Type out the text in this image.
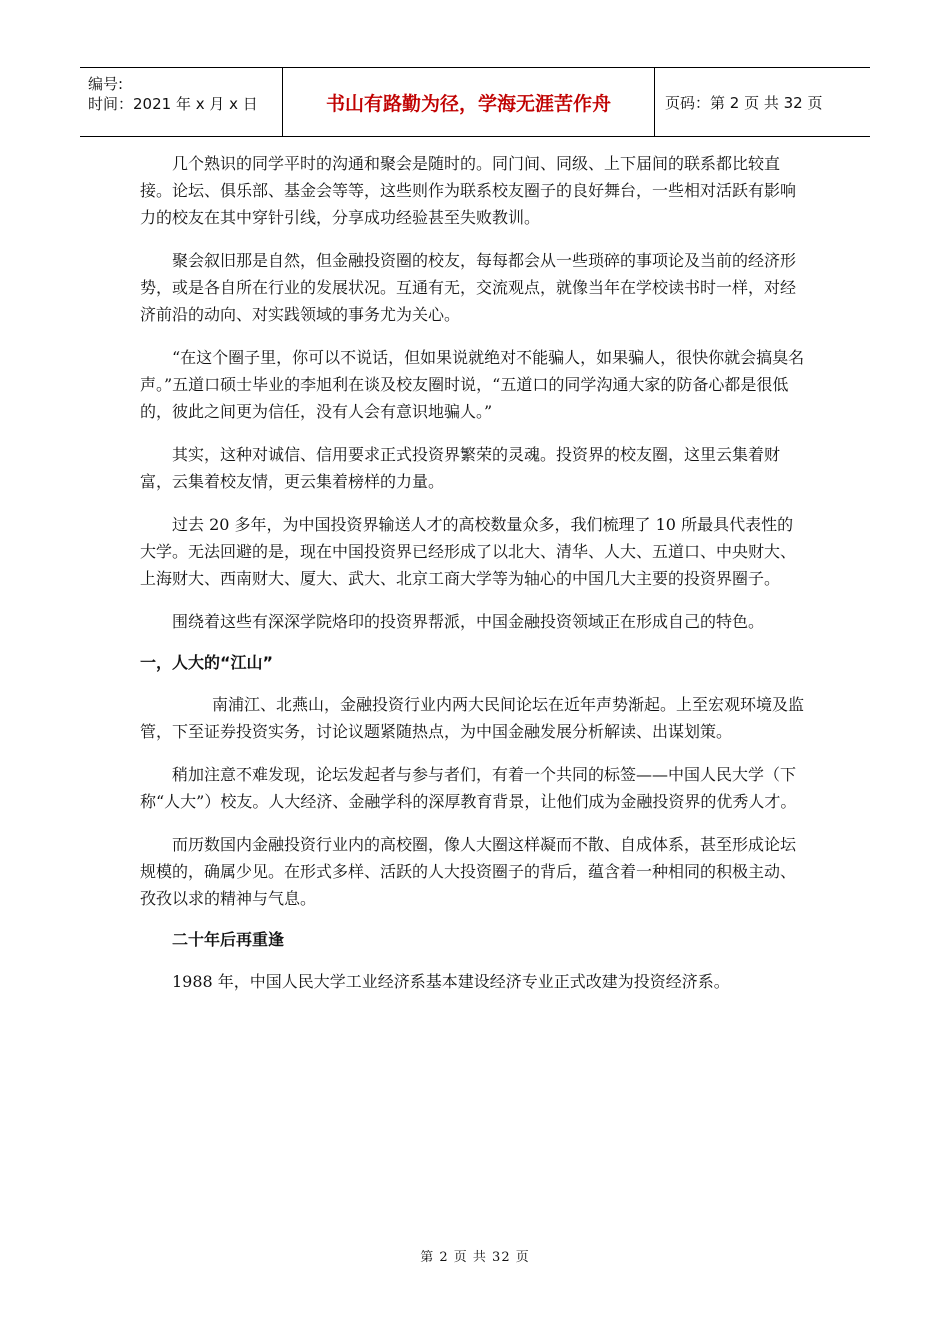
编号:
时间：2021 年 x 月 x 日	书山有路勤为径，学海无涯苦作舟	页码：第 2 页 共 32 页

几个熟识的同学平时的沟通和聚会是随时的。同门间、同级、上下届间的联系都比较直接。论坛、俱乐部、基金会等等，这些则作为联系校友圈子的良好舞台，一些相对活跃有影响力的校友在其中穿针引线，分享成功经验甚至失败教训。

聚会叙旧那是自然，但金融投资圈的校友，每每都会从一些琐碎的事项论及当前的经济形势，或是各自所在行业的发展状况。互通有无，交流观点，就像当年在学校读书时一样，对经济前沿的动向、对实践领域的事务尤为关心。

“在这个圈子里，你可以不说话，但如果说就绝对不能骗人，如果骗人，很快你就会搞臭名声。”五道口硕士毕业的李旭利在谈及校友圈时说，“五道口的同学沟通大家的防备心都是很低的，彼此之间更为信任，没有人会有意识地骗人。”

其实，这种对诚信、信用要求正式投资界繁荣的灵魂。投资界的校友圈，这里云集着财富，云集着校友情，更云集着榜样的力量。

过去 20 多年，为中国投资界输送人才的高校数量众多，我们梳理了 10 所最具代表性的大学。无法回避的是，现在中国投资界已经形成了以北大、清华、人大、五道口、中央财大、上海财大、西南财大、厦大、武大、北京工商大学等为轴心的中国几大主要的投资界圈子。

围绕着这些有深深学院烙印的投资界帮派，中国金融投资领域正在形成自己的特色。

一，人大的“江山”

南浦江、北燕山，金融投资行业内两大民间论坛在近年声势渐起。上至宏观环境及监管，下至证券投资实务，讨论议题紧随热点，为中国金融发展分析解读、出谋划策。

稍加注意不难发现，论坛发起者与参与者们，有着一个共同的标签——中国人民大学（下称“人大”）校友。人大经济、金融学科的深厚教育背景，让他们成为金融投资界的优秀人才。

而历数国内金融投资行业内的高校圈，像人大圈这样凝而不散、自成体系，甚至形成论坛规模的，确属少见。在形式多样、活跃的人大投资圈子的背后，蕴含着一种相同的积极主动、孜孜以求的精神与气息。

二十年后再重逢

1988 年，中国人民大学工业经济系基本建设经济专业正式改建为投资经济系。

第 2 页 共 32 页
